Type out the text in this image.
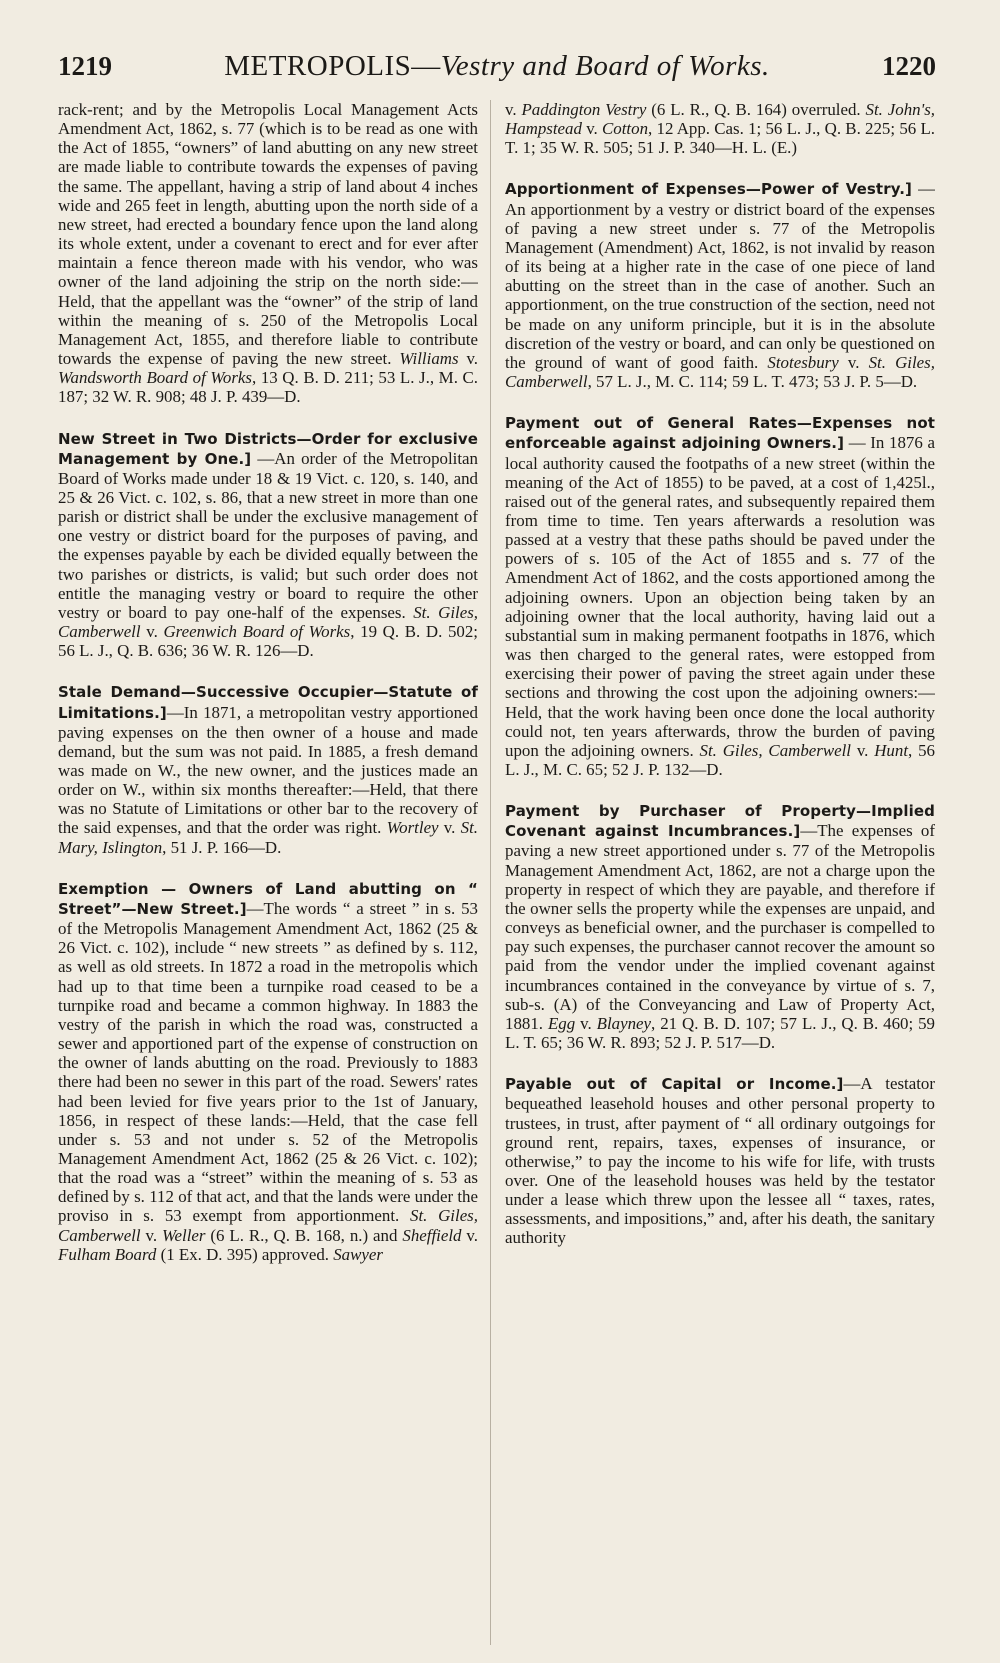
1219	METROPOLIS—Vestry and Board of Works.	1220

rack-rent; and by the Metropolis Local Management Acts Amendment Act, 1862, s. 77 (which is to be read as one with the Act of 1855, “owners” of land abutting on any new street are made liable to contribute towards the expenses of paving the same. The appellant, having a strip of land about 4 inches wide and 265 feet in length, abutting upon the north side of a new street, had erected a boundary fence upon the land along its whole extent, under a covenant to erect and for ever after maintain a fence thereon made with his vendor, who was owner of the land adjoining the strip on the north side:—Held, that the appellant was the “owner” of the strip of land within the meaning of s. 250 of the Metropolis Local Management Act, 1855, and therefore liable to contribute towards the expense of paving the new street. Williams v. Wandsworth Board of Works, 13 Q. B. D. 211; 53 L. J., M. C. 187; 32 W. R. 908; 48 J. P. 439—D.

New Street in Two Districts—Order for exclusive Management by One.] —An order of the Metropolitan Board of Works made under 18 & 19 Vict. c. 120, s. 140, and 25 & 26 Vict. c. 102, s. 86, that a new street in more than one parish or district shall be under the exclusive management of one vestry or district board for the purposes of paving, and the expenses payable by each be divided equally between the two parishes or districts, is valid; but such order does not entitle the managing vestry or board to require the other vestry or board to pay one-half of the expenses. St. Giles, Camberwell v. Greenwich Board of Works, 19 Q. B. D. 502; 56 L. J., Q. B. 636; 36 W. R. 126—D.

Stale Demand—Successive Occupier—Statute of Limitations.]—In 1871, a metropolitan vestry apportioned paving expenses on the then owner of a house and made demand, but the sum was not paid. In 1885, a fresh demand was made on W., the new owner, and the justices made an order on W., within six months thereafter:—Held, that there was no Statute of Limitations or other bar to the recovery of the said expenses, and that the order was right. Wortley v. St. Mary, Islington, 51 J. P. 166—D.

Exemption — Owners of Land abutting on “ Street”—New Street.]—The words “ a street ” in s. 53 of the Metropolis Management Amendment Act, 1862 (25 & 26 Vict. c. 102), include “ new streets ” as defined by s. 112, as well as old streets. In 1872 a road in the metropolis which had up to that time been a turnpike road ceased to be a turnpike road and became a common highway. In 1883 the vestry of the parish in which the road was, constructed a sewer and apportioned part of the expense of construction on the owner of lands abutting on the road. Previously to 1883 there had been no sewer in this part of the road. Sewers' rates had been levied for five years prior to the 1st of January, 1856, in respect of these lands:—Held, that the case fell under s. 53 and not under s. 52 of the Metropolis Management Amendment Act, 1862 (25 & 26 Vict. c. 102); that the road was a “street” within the meaning of s. 53 as defined by s. 112 of that act, and that the lands were under the proviso in s. 53 exempt from apportionment. St. Giles, Camberwell v. Weller (6 L. R., Q. B. 168, n.) and Sheffield v. Fulham Board (1 Ex. D. 395) approved. Sawyer

v. Paddington Vestry (6 L. R., Q. B. 164) overruled. St. John's, Hampstead v. Cotton, 12 App. Cas. 1; 56 L. J., Q. B. 225; 56 L. T. 1; 35 W. R. 505; 51 J. P. 340—H. L. (E.)

Apportionment of Expenses—Power of Vestry.] —An apportionment by a vestry or district board of the expenses of paving a new street under s. 77 of the Metropolis Management (Amendment) Act, 1862, is not invalid by reason of its being at a higher rate in the case of one piece of land abutting on the street than in the case of another. Such an apportionment, on the true construction of the section, need not be made on any uniform principle, but it is in the absolute discretion of the vestry or board, and can only be questioned on the ground of want of good faith. Stotesbury v. St. Giles, Camberwell, 57 L. J., M. C. 114; 59 L. T. 473; 53 J. P. 5—D.

Payment out of General Rates—Expenses not enforceable against adjoining Owners.] — In 1876 a local authority caused the footpaths of a new street (within the meaning of the Act of 1855) to be paved, at a cost of 1,425l., raised out of the general rates, and subsequently repaired them from time to time. Ten years afterwards a resolution was passed at a vestry that these paths should be paved under the powers of s. 105 of the Act of 1855 and s. 77 of the Amendment Act of 1862, and the costs apportioned among the adjoining owners. Upon an objection being taken by an adjoining owner that the local authority, having laid out a substantial sum in making permanent footpaths in 1876, which was then charged to the general rates, were estopped from exercising their power of paving the street again under these sections and throwing the cost upon the adjoining owners:—Held, that the work having been once done the local authority could not, ten years afterwards, throw the burden of paving upon the adjoining owners. St. Giles, Camberwell v. Hunt, 56 L. J., M. C. 65; 52 J. P. 132—D.

Payment by Purchaser of Property—Implied Covenant against Incumbrances.]—The expenses of paving a new street apportioned under s. 77 of the Metropolis Management Amendment Act, 1862, are not a charge upon the property in respect of which they are payable, and therefore if the owner sells the property while the expenses are unpaid, and conveys as beneficial owner, and the purchaser is compelled to pay such expenses, the purchaser cannot recover the amount so paid from the vendor under the implied covenant against incumbrances contained in the conveyance by virtue of s. 7, sub-s. (A) of the Conveyancing and Law of Property Act, 1881. Egg v. Blayney, 21 Q. B. D. 107; 57 L. J., Q. B. 460; 59 L. T. 65; 36 W. R. 893; 52 J. P. 517—D.

Payable out of Capital or Income.]—A testator bequeathed leasehold houses and other personal property to trustees, in trust, after payment of “ all ordinary outgoings for ground rent, repairs, taxes, expenses of insurance, or otherwise,” to pay the income to his wife for life, with trusts over. One of the leasehold houses was held by the testator under a lease which threw upon the lessee all “ taxes, rates, assessments, and impositions,” and, after his death, the sanitary authority
